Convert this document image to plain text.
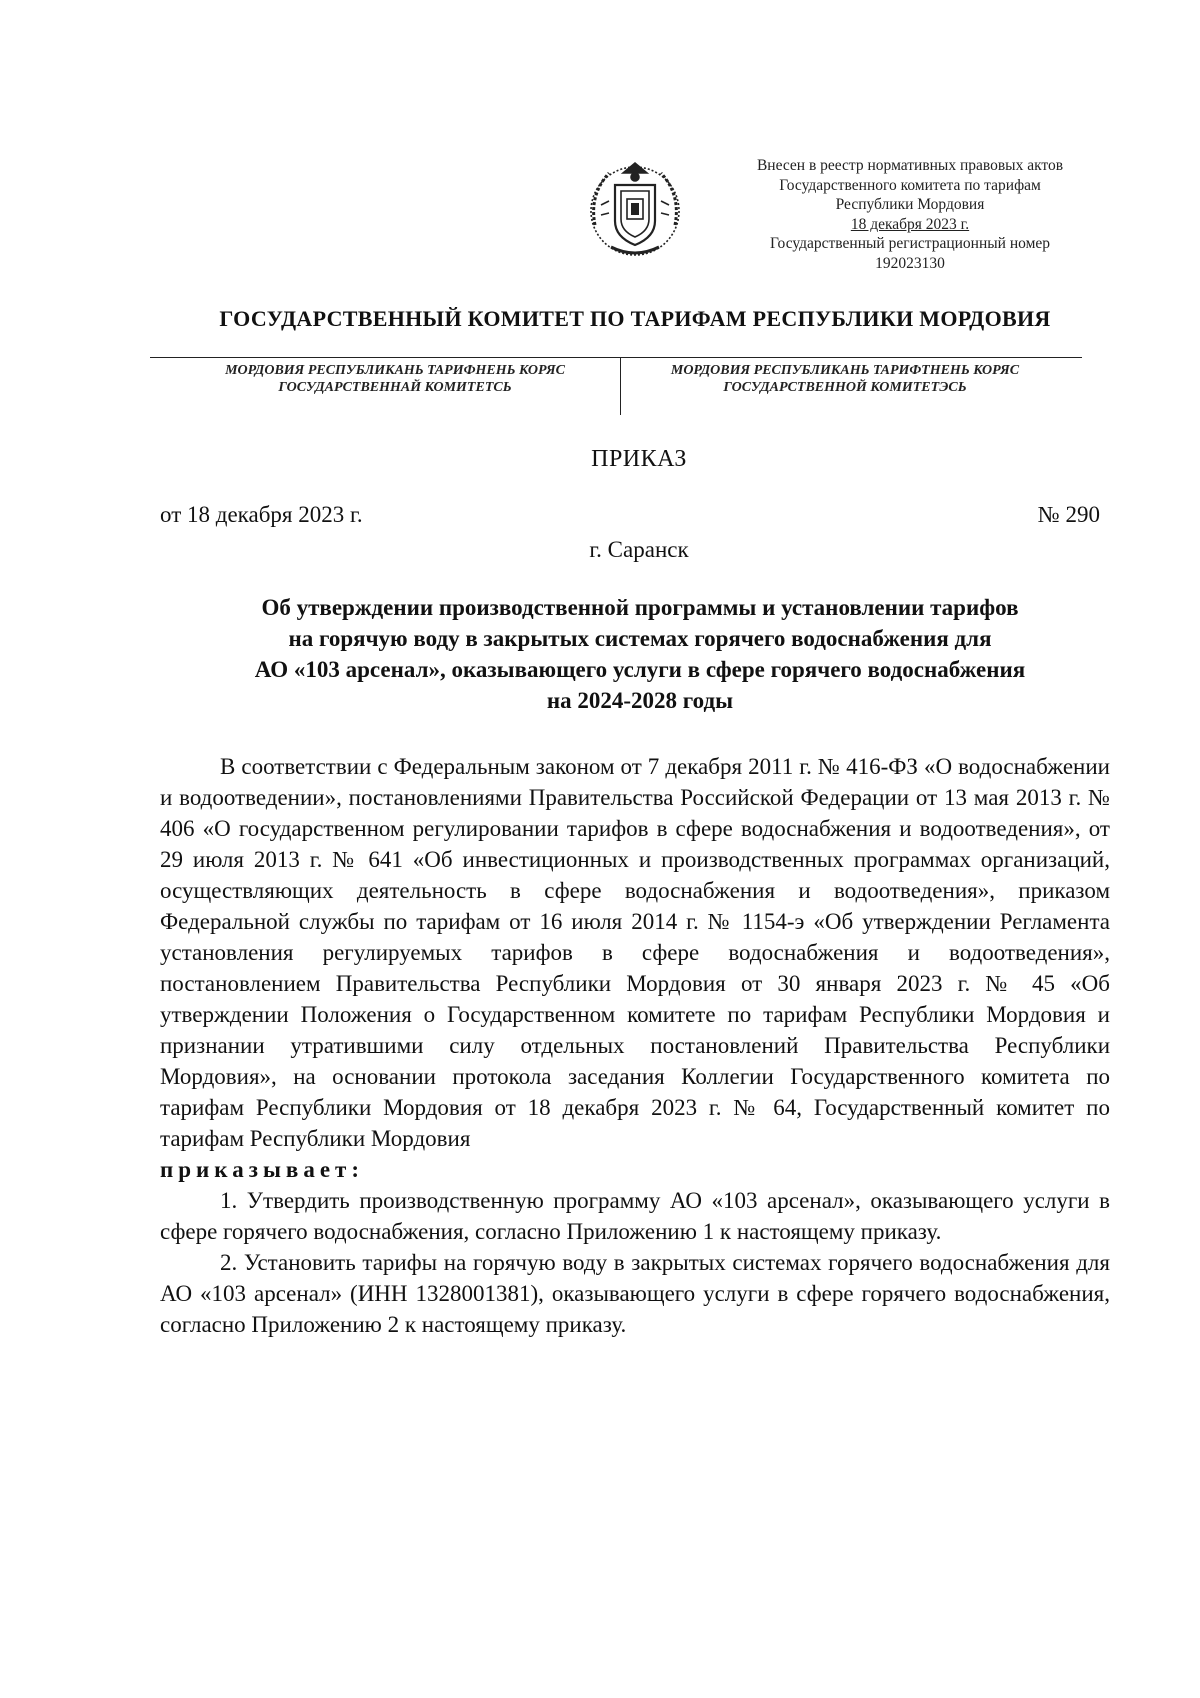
Внесен в реестр нормативных правовых актов
Государственного комитета по тарифам
Республики Мордовия
18 декабря 2023 г.
Государственный регистрационный номер
192023130
ГОСУДАРСТВЕННЫЙ КОМИТЕТ ПО ТАРИФАМ РЕСПУБЛИКИ МОРДОВИЯ
МОРДОВИЯ РЕСПУБЛИКАНЬ ТАРИФНЕНЬ КОРЯС
ГОСУДАРСТВЕННАЙ КОМИТЕТСЬ
МОРДОВИЯ РЕСПУБЛИКАНЬ ТАРИФТНЕНЬ КОРЯС
ГОСУДАРСТВЕННОЙ КОМИТЕТЭСЬ
ПРИКАЗ
от 18 декабря 2023 г.	№ 290
г. Саранск
Об утверждении производственной программы и установлении тарифов
на горячую воду в закрытых системах горячего водоснабжения для
АО «103 арсенал», оказывающего услуги в сфере горячего водоснабжения
на 2024-2028 годы

В соответствии с Федеральным законом от 7 декабря 2011 г. № 416-ФЗ «О водоснабжении и водоотведении», постановлениями Правительства Российской Федерации от 13 мая 2013 г. № 406 «О государственном регулировании тарифов в сфере водоснабжения и водоотведения», от 29 июля 2013 г. № 641 «Об инвестиционных и производственных программах организаций, осуществляющих деятельность в сфере водоснабжения и водоотведения», приказом Федеральной службы по тарифам от 16 июля 2014 г. № 1154-э «Об утверждении Регламента установления регулируемых тарифов в сфере водоснабжения и водоотведения», постановлением Правительства Республики Мордовия от 30 января 2023 г. № 45 «Об утверждении Положения о Государственном комитете по тарифам Республики Мордовия и признании утратившими силу отдельных постановлений Правительства Республики Мордовия», на основании протокола заседания Коллегии Государственного комитета по тарифам Республики Мордовия от 18 декабря 2023 г. № 64, Государственный комитет по тарифам Республики Мордовия

приказывает:

1. Утвердить производственную программу АО «103 арсенал», оказывающего услуги в сфере горячего водоснабжения, согласно Приложению 1 к настоящему приказу.

2. Установить тарифы на горячую воду в закрытых системах горячего водоснабжения для АО «103 арсенал» (ИНН 1328001381), оказывающего услуги в сфере горячего водоснабжения, согласно Приложению 2 к настоящему приказу.
